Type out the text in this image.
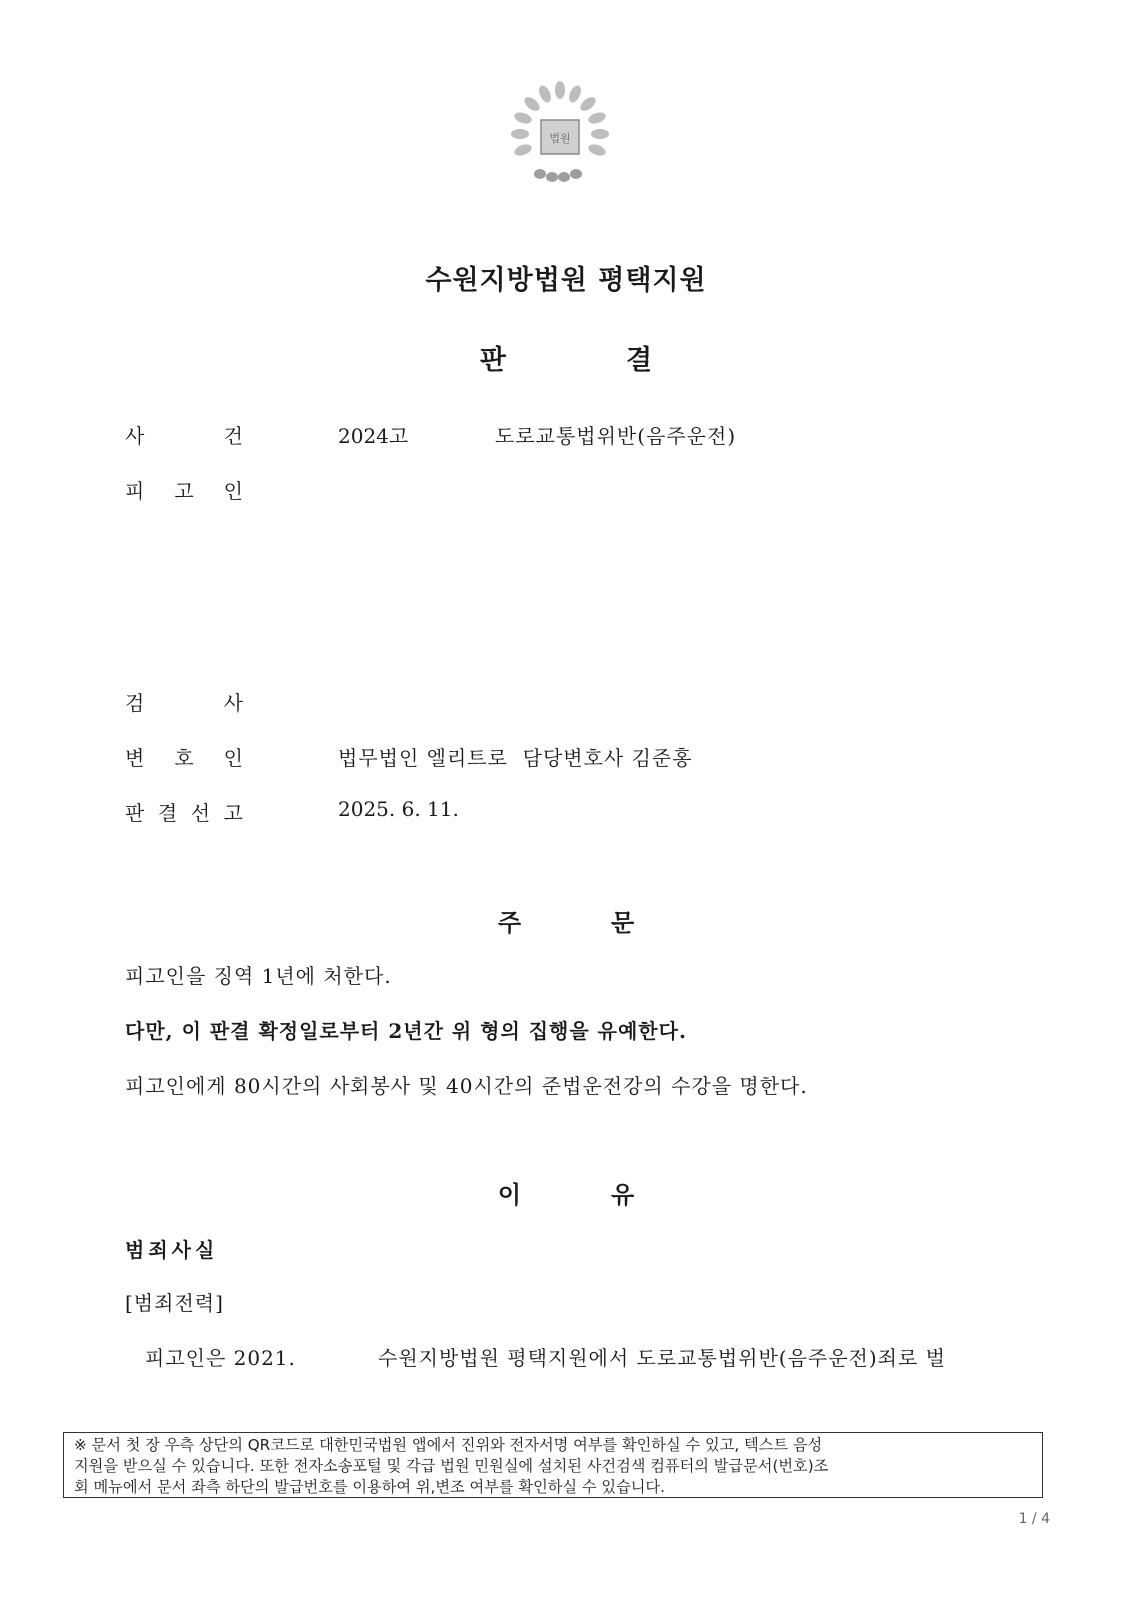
법원
수원지방법원 평택지원
판	결
사	건	2024고	도로교통법위반(음주운전)
피 고 인
검	사
변 호 인	법무법인 엘리트로  담당변호사 김준홍
판 결 선 고	2025. 6. 11.
주	문
피고인을 징역 1년에 처한다.
다만, 이 판결 확정일로부터 2년간 위 형의 집행을 유예한다.
피고인에게 80시간의 사회봉사 및 40시간의 준법운전강의 수강을 명한다.
이	유
범죄사실
[범죄전력]
피고인은 2021.	수원지방법원 평택지원에서 도로교통법위반(음주운전)죄로 벌
※ 문서 첫 장 우측 상단의 QR코드로 대한민국법원 앱에서 진위와 전자서명 여부를 확인하실 수 있고, 텍스트 음성
지원을 받으실 수 있습니다. 또한 전자소송포털 및 각급 법원 민원실에 설치된 사건검색 컴퓨터의 발급문서(번호)조
회 메뉴에서 문서 좌측 하단의 발급번호를 이용하여 위,변조 여부를 확인하실 수 있습니다.
1 / 4
